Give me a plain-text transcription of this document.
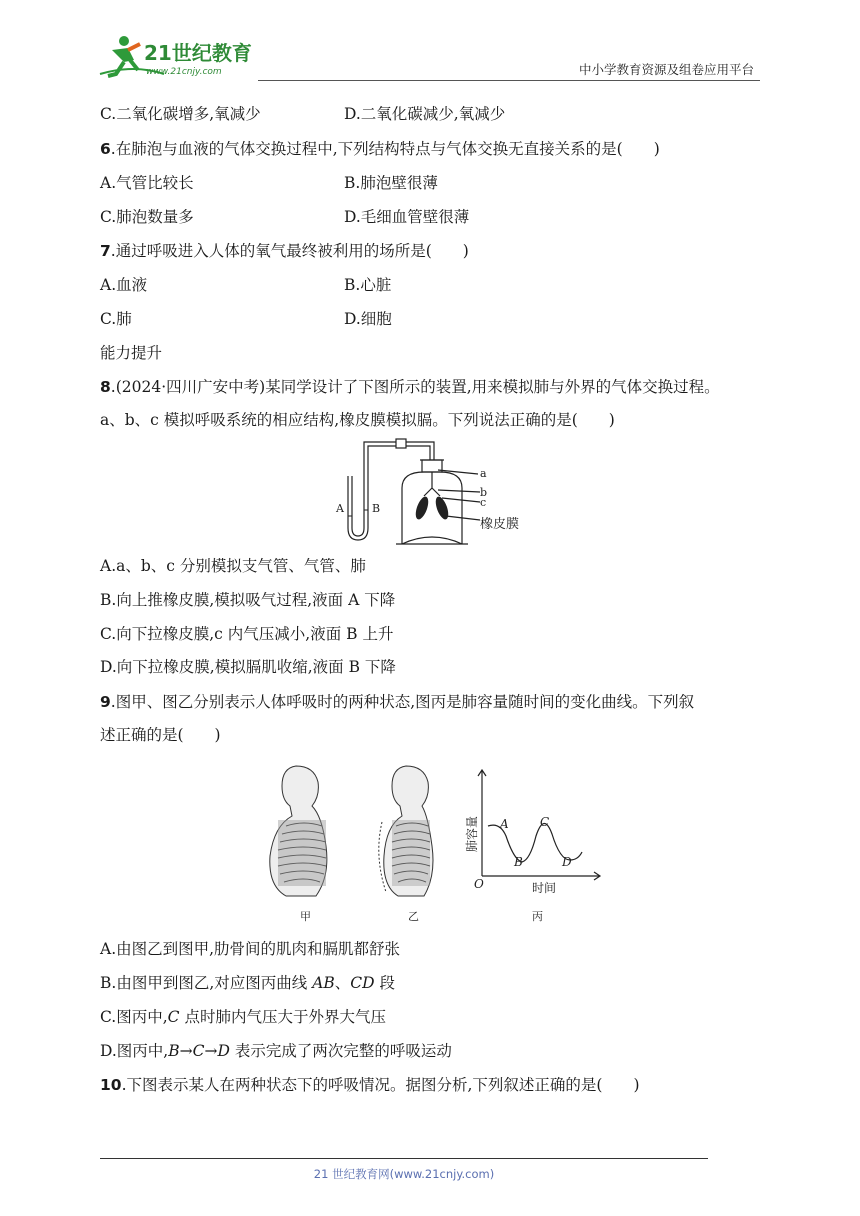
21世纪教育
www.21cnjy.com	中小学教育资源及组卷应用平台
C.二氧化碳增多,氧减少	D.二氧化碳减少,氧减少
6.在肺泡与血液的气体交换过程中,下列结构特点与气体交换无直接关系的是(　　)
A.气管比较长	B.肺泡壁很薄
C.肺泡数量多	D.毛细血管壁很薄
7.通过呼吸进入人体的氧气最终被利用的场所是(　　)
A.血液	B.心脏
C.肺	D.细胞
能力提升
8.(2024·四川广安中考)某同学设计了下图所示的装置,用来模拟肺与外界的气体交换过程。
a、b、c 模拟呼吸系统的相应结构,橡皮膜模拟膈。下列说法正确的是(　　)
A	B
a
b
c
橡皮膜
A.a、b、c 分别模拟支气管、气管、肺
B.向上推橡皮膜,模拟吸气过程,液面 A 下降
C.向下拉橡皮膜,c 内气压减小,液面 B 上升
D.向下拉橡皮膜,模拟膈肌收缩,液面 B 下降
9.图甲、图乙分别表示人体呼吸时的两种状态,图丙是肺容量随时间的变化曲线。下列叙
述正确的是(　　)
甲	乙	丙
O	时间
肺容量 A
B
C
D
A.由图乙到图甲,肋骨间的肌肉和膈肌都舒张
B.由图甲到图乙,对应图丙曲线 AB、CD 段
C.图丙中,C 点时肺内气压大于外界大气压
D.图丙中,B→C→D 表示完成了两次完整的呼吸运动
10.下图表示某人在两种状态下的呼吸情况。据图分析,下列叙述正确的是(　　)
21 世纪教育网(www.21cnjy.com)
